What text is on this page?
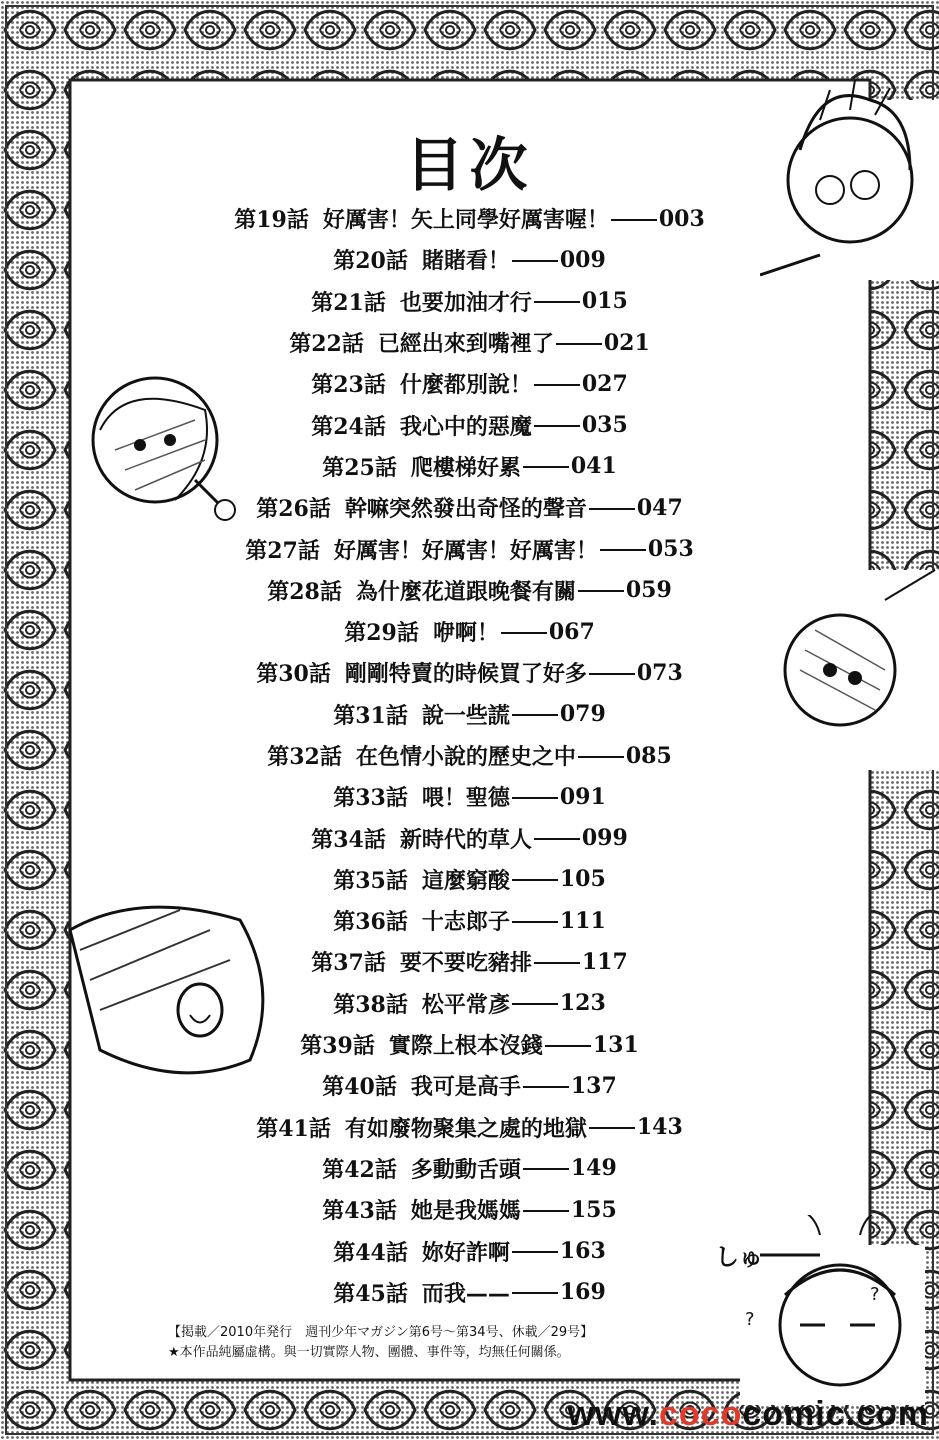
しゅ
?
?
目次
第19話 好厲害！矢上同學好厲害喔！ 003
第20話 賭賭看！ 009
第21話 也要加油才行 015
第22話 已經出來到嘴裡了 021
第23話 什麼都別說！ 027
第24話 我心中的惡魔 035
第25話 爬樓梯好累 041
第26話 幹嘛突然發出奇怪的聲音 047
第27話 好厲害！好厲害！好厲害！ 053
第28話 為什麼花道跟晚餐有關 059
第29話 咿啊！ 067
第30話 剛剛特賣的時候買了好多 073
第31話 說一些謊 079
第32話 在色情小說的歷史之中 085
第33話 喂！聖德 091
第34話 新時代的草人 099
第35話 這麼窮酸 105
第36話 十志郎子 111
第37話 要不要吃豬排 117
第38話 松平常彥 123
第39話 實際上根本沒錢 131
第40話 我可是高手 137
第41話 有如廢物聚集之處的地獄 143
第42話 多動動舌頭 149
第43話 她是我媽媽 155
第44話 妳好詐啊 163
第45話 而我—— 169
【掲載／2010年発行　週刊少年マガジン第6号〜第34号、休載／29号】
★本作品純屬虛構。與一切實際人物、團體、事件等，均無任何關係。
www.cococomic.com
